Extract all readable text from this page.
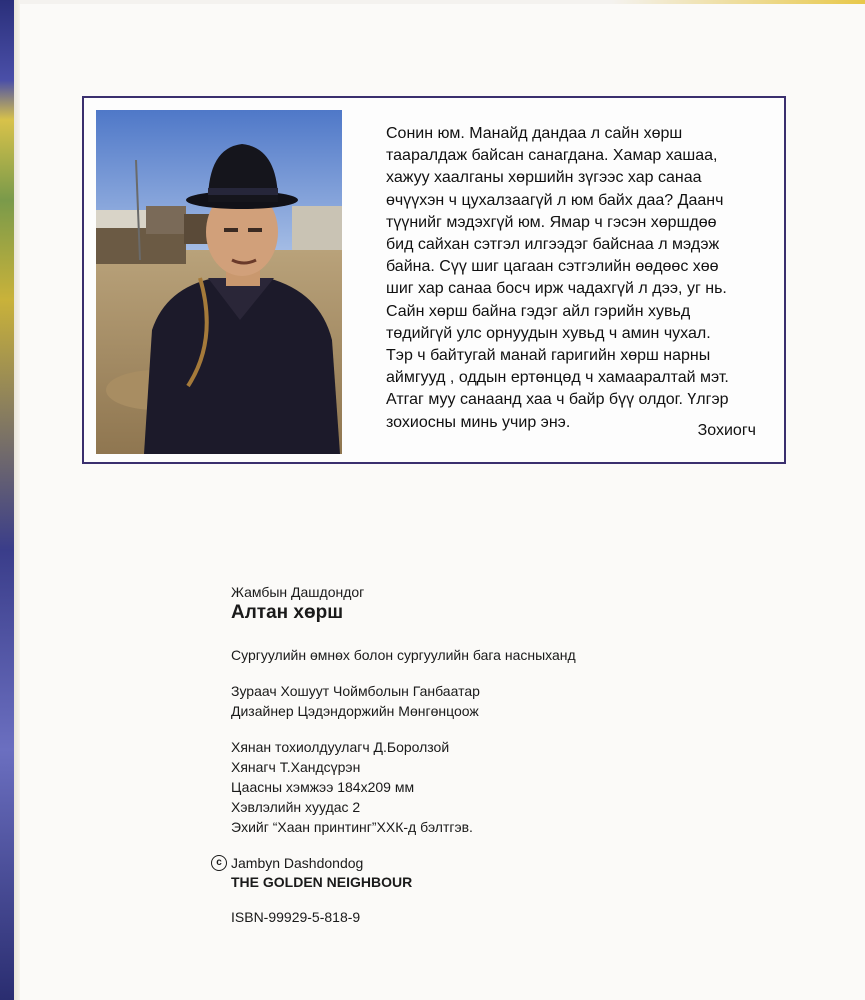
Сонин юм. Манайд дандаа л сайн хөрш
тааралдаж байсан санагдана. Хамар хашаа,
хажуу хаалганы хөршийн зүгээс хар санаа
өчүүхэн ч цухалзаагүй л юм байх даа? Даанч
түүнийг мэдэхгүй юм. Ямар ч гэсэн хөршдөө
бид сайхан сэтгэл илгээдэг байснаа л мэдэж
байна. Сүү шиг цагаан сэтгэлийн өөдөөс хөө
шиг хар санаа босч ирж чадахгүй л дээ, уг нь.
Сайн хөрш байна гэдэг айл гэрийн хувьд
төдийгүй улс орнуудын хувьд ч амин чухал.
Тэр ч байтугай манай гаригийн хөрш нарны
аймгууд , оддын ертөнцөд ч хамааралтай мэт.
Атгаг муу санаанд хаа ч байр бүү олдог. Үлгэр
зохиосны минь учир энэ.	Зохиогч
Жамбын Дашдондог
Алтан хөрш
Сургуулийн өмнөх болон сургуулийн бага насныханд
Зураач Хошуут Чоймболын Ганбаатар
Дизайнер Цэдэндоржийн Мөнгөнцоож
Хянан тохиолдуулагч Д.Боролзой
Хянагч Т.Хандсүрэн
Цаасны хэмжээ 184х209 мм
Хэвлэлийн хуудас 2
Эхийг “Хаан принтинг”ХХК-д бэлтгэв.
c Jambyn Dashdondog
THE GOLDEN NEIGHBOUR
ISBN-99929-5-818-9
